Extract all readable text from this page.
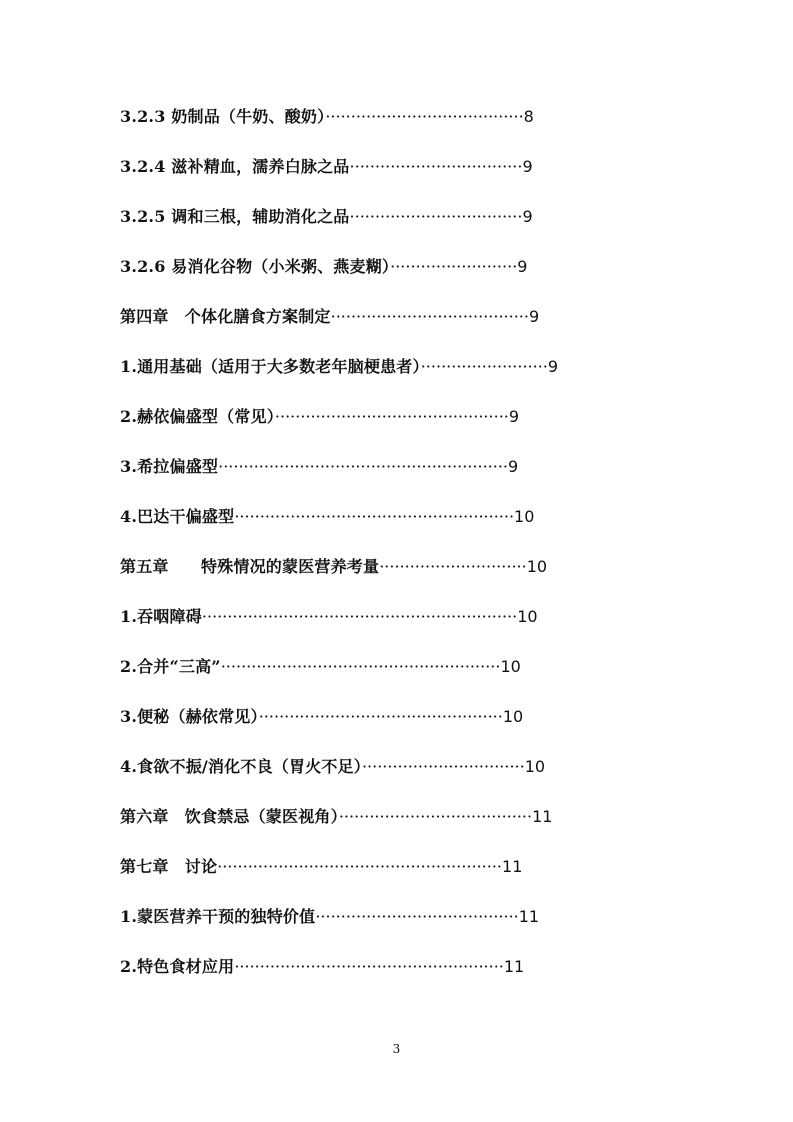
3.2.3 奶制品（牛奶、酸奶）·······································8
3.2.4 滋补精血，濡养白脉之品··································9
3.2.5 调和三根，辅助消化之品··································9
3.2.6 易消化谷物（小米粥、燕麦糊）·························9
第四章　个体化膳食方案制定·······································9
1.通用基础（适用于大多数老年脑梗患者）·························9
2.赫依偏盛型（常见）··············································9
3.希拉偏盛型·························································9
4.巴达干偏盛型·······················································10
第五章　　特殊情况的蒙医营养考量·····························10
1.吞咽障碍······························································10
2.合并“三高”·······················································10
3.便秘（赫依常见）················································10
4.食欲不振/消化不良（胃火不足）································10
第六章　饮食禁忌（蒙医视角）······································11
第七章　讨论························································11
1.蒙医营养干预的独特价值········································11
2.特色食材应用·····················································11
3
